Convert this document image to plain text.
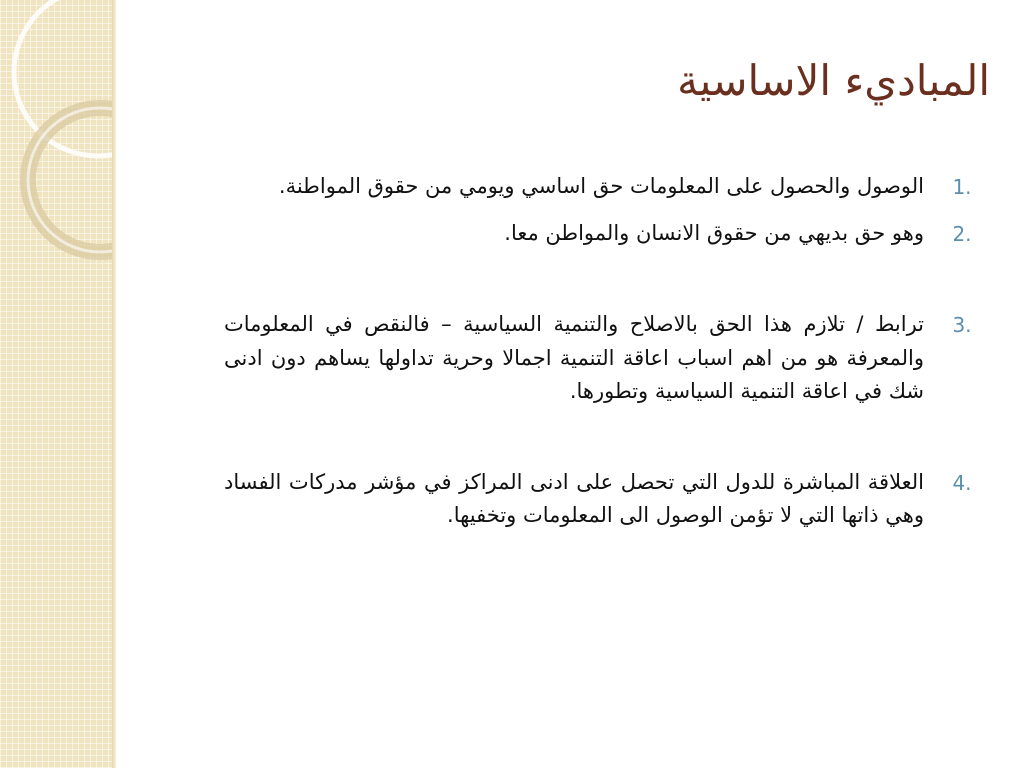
المباديء الاساسية
1.
الوصول والحصول على المعلومات حق اساسي ويومي من حقوق المواطنة.
2.
وهو حق بديهي من حقوق الانسان والمواطن معا.
3.
ترابط / تلازم هذا الحق بالاصلاح والتنمية السياسية – فالنقص في المعلومات والمعرفة هو من اهم اسباب اعاقة التنمية اجمالا وحرية تداولها يساهم دون ادنى شك في اعاقة التنمية السياسية وتطورها.
4.
العلاقة المباشرة للدول التي تحصل على ادنى المراكز في مؤشر مدركات الفساد وهي ذاتها التي لا تؤمن الوصول الى المعلومات وتخفيها.
